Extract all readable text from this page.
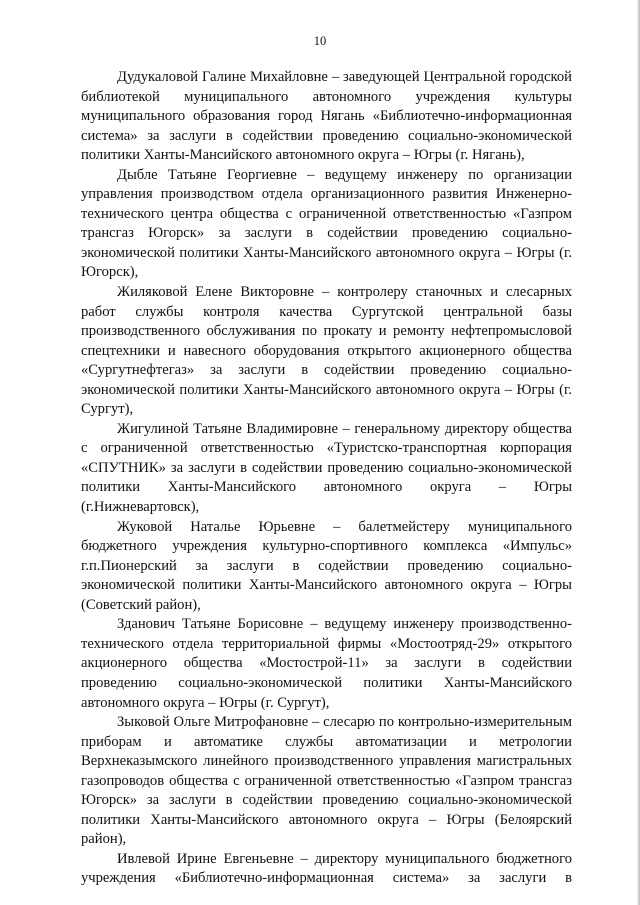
10

Дудукаловой Галине Михайловне – заведующей Центральной городской библиотекой муниципального автономного учреждения культуры муниципального образования город Нягань «Библиотечно-информационная система» за заслуги в содействии проведению социально-экономической политики Ханты-Мансийского автономного округа – Югры (г. Нягань),

Дыбле Татьяне Георгиевне – ведущему инженеру по организации управления производством отдела организационного развития Инженерно-технического центра общества с ограниченной ответственностью «Газпром трансгаз Югорск» за заслуги в содействии проведению социально-экономической политики Ханты-Мансийского автономного округа – Югры (г. Югорск),

Жиляковой Елене Викторовне – контролеру станочных и слесарных работ службы контроля качества Сургутской центральной базы производственного обслуживания по прокату и ремонту нефтепромысловой спецтехники и навесного оборудования открытого акционерного общества «Сургутнефтегаз» за заслуги в содействии проведению социально-экономической политики Ханты-Мансийского автономного округа – Югры (г. Сургут),

Жигулиной Татьяне Владимировне – генеральному директору общества с ограниченной ответственностью «Туристско-транспортная корпорация «СПУТНИК» за заслуги в содействии проведению социально-экономической политики Ханты-Мансийского автономного округа – Югры (г.Нижневартовск),

Жуковой Наталье Юрьевне – балетмейстеру муниципального бюджетного учреждения культурно-спортивного комплекса «Импульс» г.п.Пионерский за заслуги в содействии проведению социально-экономической политики Ханты-Мансийского автономного округа – Югры (Советский район),

Зданович Татьяне Борисовне – ведущему инженеру производственно-технического отдела территориальной фирмы «Мостоотряд-29» открытого акционерного общества «Мостострой-11» за заслуги в содействии проведению социально-экономической политики Ханты-Мансийского автономного округа – Югры (г. Сургут),

Зыковой Ольге Митрофановне – слесарю по контрольно-измерительным приборам и автоматике службы автоматизации и метрологии Верхнеказымского линейного производственного управления магистральных газопроводов общества с ограниченной ответственностью «Газпром трансгаз Югорск» за заслуги в содействии проведению социально-экономической политики Ханты-Мансийского автономного округа – Югры (Белоярский район),

Ивлевой Ирине Евгеньевне – директору муниципального бюджетного учреждения «Библиотечно-информационная система» за заслуги в
